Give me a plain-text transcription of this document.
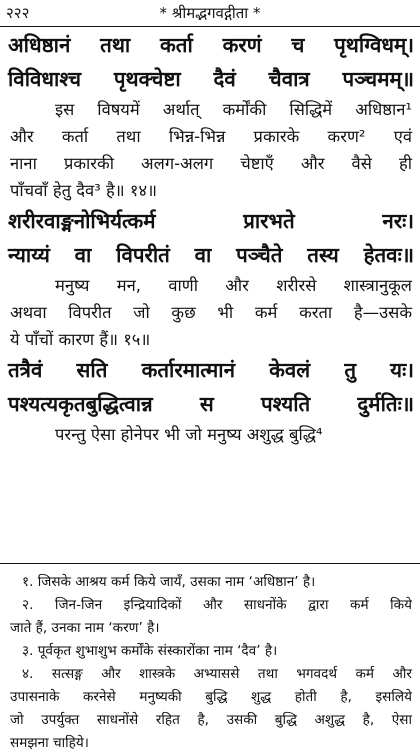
२२२	* श्रीमद्भगवद्गीता *
अधिष्ठानं तथा कर्ता करणं च पृथग्विधम्।
विविधाश्च पृथक्चेष्टा दैवं चैवात्र पञ्चमम्॥
इस विषयमें अर्थात् कर्मोंकी सिद्धिमें अधिष्ठान¹
और कर्ता तथा भिन्न-भिन्न प्रकारके करण² एवं
नाना प्रकारकी अलग-अलग चेष्टाएँ और वैसे ही
पाँचवाँ हेतु दैव³ है॥ १४॥
शरीरवाङ्मनोभिर्यत्कर्म प्रारभते नरः।
न्याय्यं वा विपरीतं वा पञ्चैते तस्य हेतवः॥
मनुष्य मन, वाणी और शरीरसे शास्त्रानुकूल
अथवा विपरीत जो कुछ भी कर्म करता है—उसके
ये पाँचों कारण हैं॥ १५॥
तत्रैवं सति कर्तारमात्मानं केवलं तु यः।
पश्यत्यकृतबुद्धित्वान्न स पश्यति दुर्मतिः॥
परन्तु ऐसा होनेपर भी जो मनुष्य अशुद्ध बुद्धि⁴
१. जिसके आश्रय कर्म किये जायँ, उसका नाम ‘अधिष्ठान’ है।
२. जिन-जिन इन्द्रियादिकों और साधनोंके द्वारा कर्म किये
जाते हैं, उनका नाम ‘करण’ है।
३. पूर्वकृत शुभाशुभ कर्मोंके संस्कारोंका नाम ‘दैव’ है।
४. सत्सङ्ग और शास्त्रके अभ्याससे तथा भगवदर्थ कर्म और
उपासनाके करनेसे मनुष्यकी बुद्धि शुद्ध होती है, इसलिये
जो उपर्युक्त साधनोंसे रहित है, उसकी बुद्धि अशुद्ध है, ऐसा
समझना चाहिये।
